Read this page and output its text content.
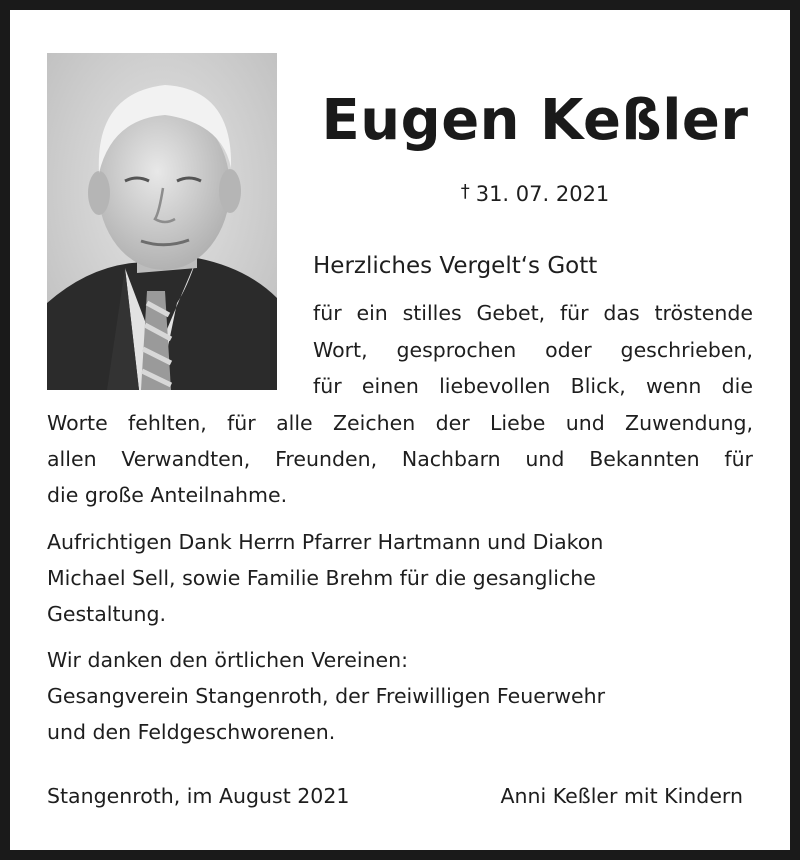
Eugen Keßler
† 31. 07. 2021
Herzliches Vergelt‘s Gott
für ein stilles Gebet, für das tröstende
Wort, gesprochen oder geschrieben,
für einen liebevollen Blick, wenn die
Worte fehlten, für alle Zeichen der Liebe und Zuwendung,
allen Verwandten, Freunden, Nachbarn und Bekannten für
die große Anteilnahme.
Aufrichtigen Dank Herrn Pfarrer Hartmann und Diakon
Michael Sell, sowie Familie Brehm für die gesangliche
Gestaltung.
Wir danken den örtlichen Vereinen:
Gesangverein Stangenroth, der Freiwilligen Feuerwehr
und den Feldgeschworenen.
Stangenroth, im August 2021	Anni Keßler mit Kindern
